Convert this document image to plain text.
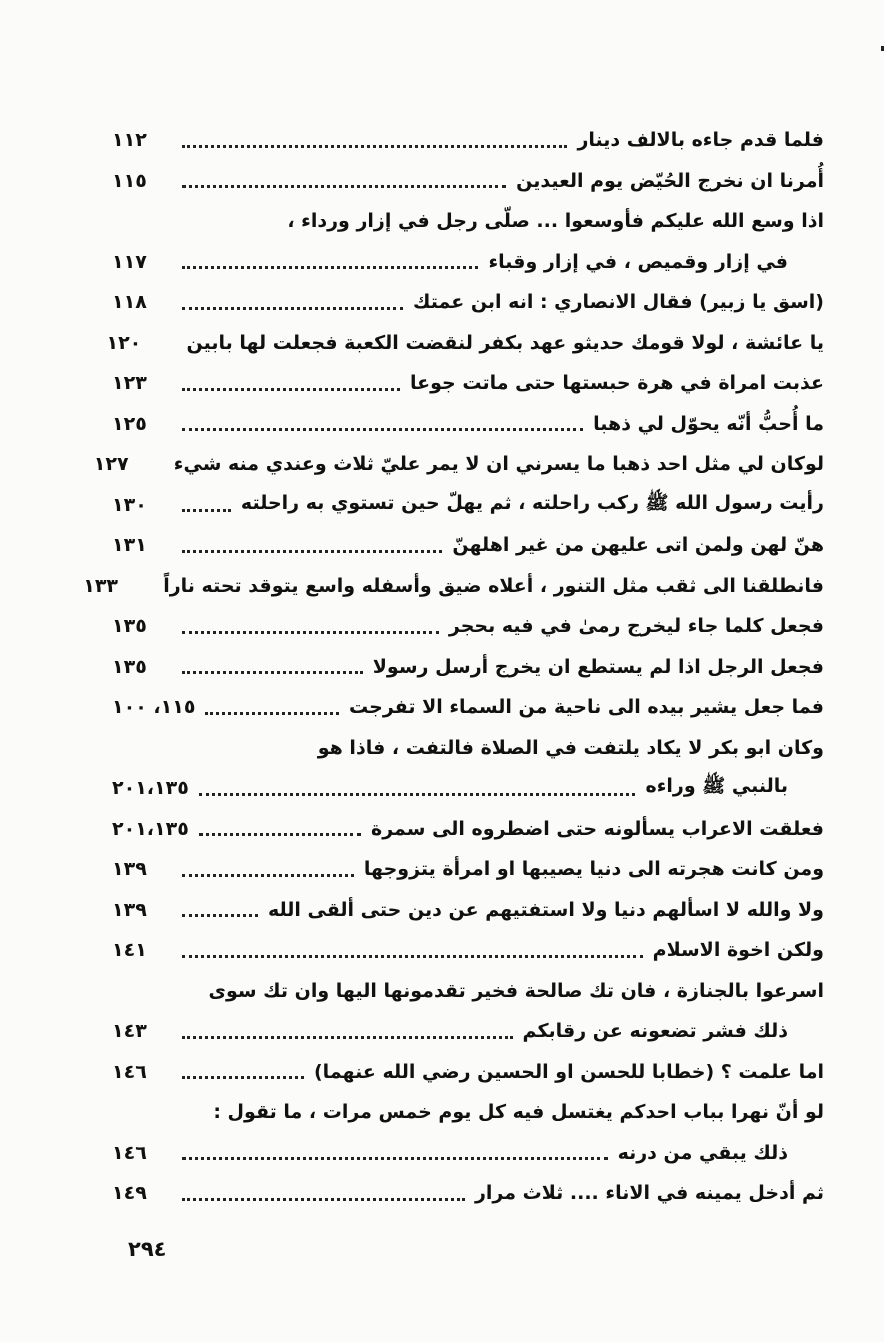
فلما قدم جاءه بالالف دينار
١١٢
أُمرنا ان نخرج الحُيّض يوم العيدين
١١٥
اذا وسع الله عليكم فأوسعوا ... صلّى رجل في إزار ورداء ،
في إزار وقميص ، في إزار وقباء
١١٧
(اسق يا زبير) فقال الانصاري : انه ابن عمتك
١١٨
يا عائشة ، لولا قومك حديثو عهد بكفر لنقضت الكعبة فجعلت لها بابين
١٢٠
عذبت امراة في هرة حبستها حتى ماتت جوعا
١٢٣
ما أُحبُّ أنّه يحوّل لي ذهبا
١٢٥
لوكان لي مثل احد ذهبا ما يسرني ان لا يمر عليّ ثلاث وعندي منه شيء
١٢٧
رأيت رسول الله ﷺ ركب راحلته ، ثم يهلّ حين تستوي به راحلته
١٣٠
هنّ لهن ولمن اتى عليهن من غير اهلهنّ
١٣١
فانطلقنا الى ثقب مثل التنور ، أعلاه ضيق وأسفله واسع يتوقد تحته ناراً
١٣٣
فجعل كلما جاء ليخرج رمىٰ في فيه بحجر
١٣٥
فجعل الرجل اذا لم يستطع ان يخرج أرسل رسولا
١٣٥
فما جعل يشير بيده الى ناحية من السماء الا تفرجت
١١٥، ١٠٠
وكان ابو بكر لا يكاد يلتفت في الصلاة فالتفت ، فاذا هو
بالنبي ﷺ وراءه
٢٠١،١٣٥
فعلقت الاعراب يسألونه حتى اضطروه الى سمرة
٢٠١،١٣٥
ومن كانت هجرته الى دنيا يصيبها او امرأة يتزوجها
١٣٩
ولا والله لا اسألهم دنيا ولا استفتيهم عن دين حتى ألقى الله
١٣٩
ولكن اخوة الاسلام
١٤١
اسرعوا بالجنازة ، فان تك صالحة فخير تقدمونها اليها وان تك سوى
ذلك فشر تضعونه عن رقابكم
١٤٣
اما علمت ؟ (خطابا للحسن او الحسين رضي الله عنهما)
١٤٦
لو أنّ نهرا بباب احدكم يغتسل فيه كل يوم خمس مرات ، ما تقول :
ذلك يبقي من درنه
١٤٦
ثم أدخل يمينه في الاناء .... ثلاث مرار
١٤٩
٢٩٤
